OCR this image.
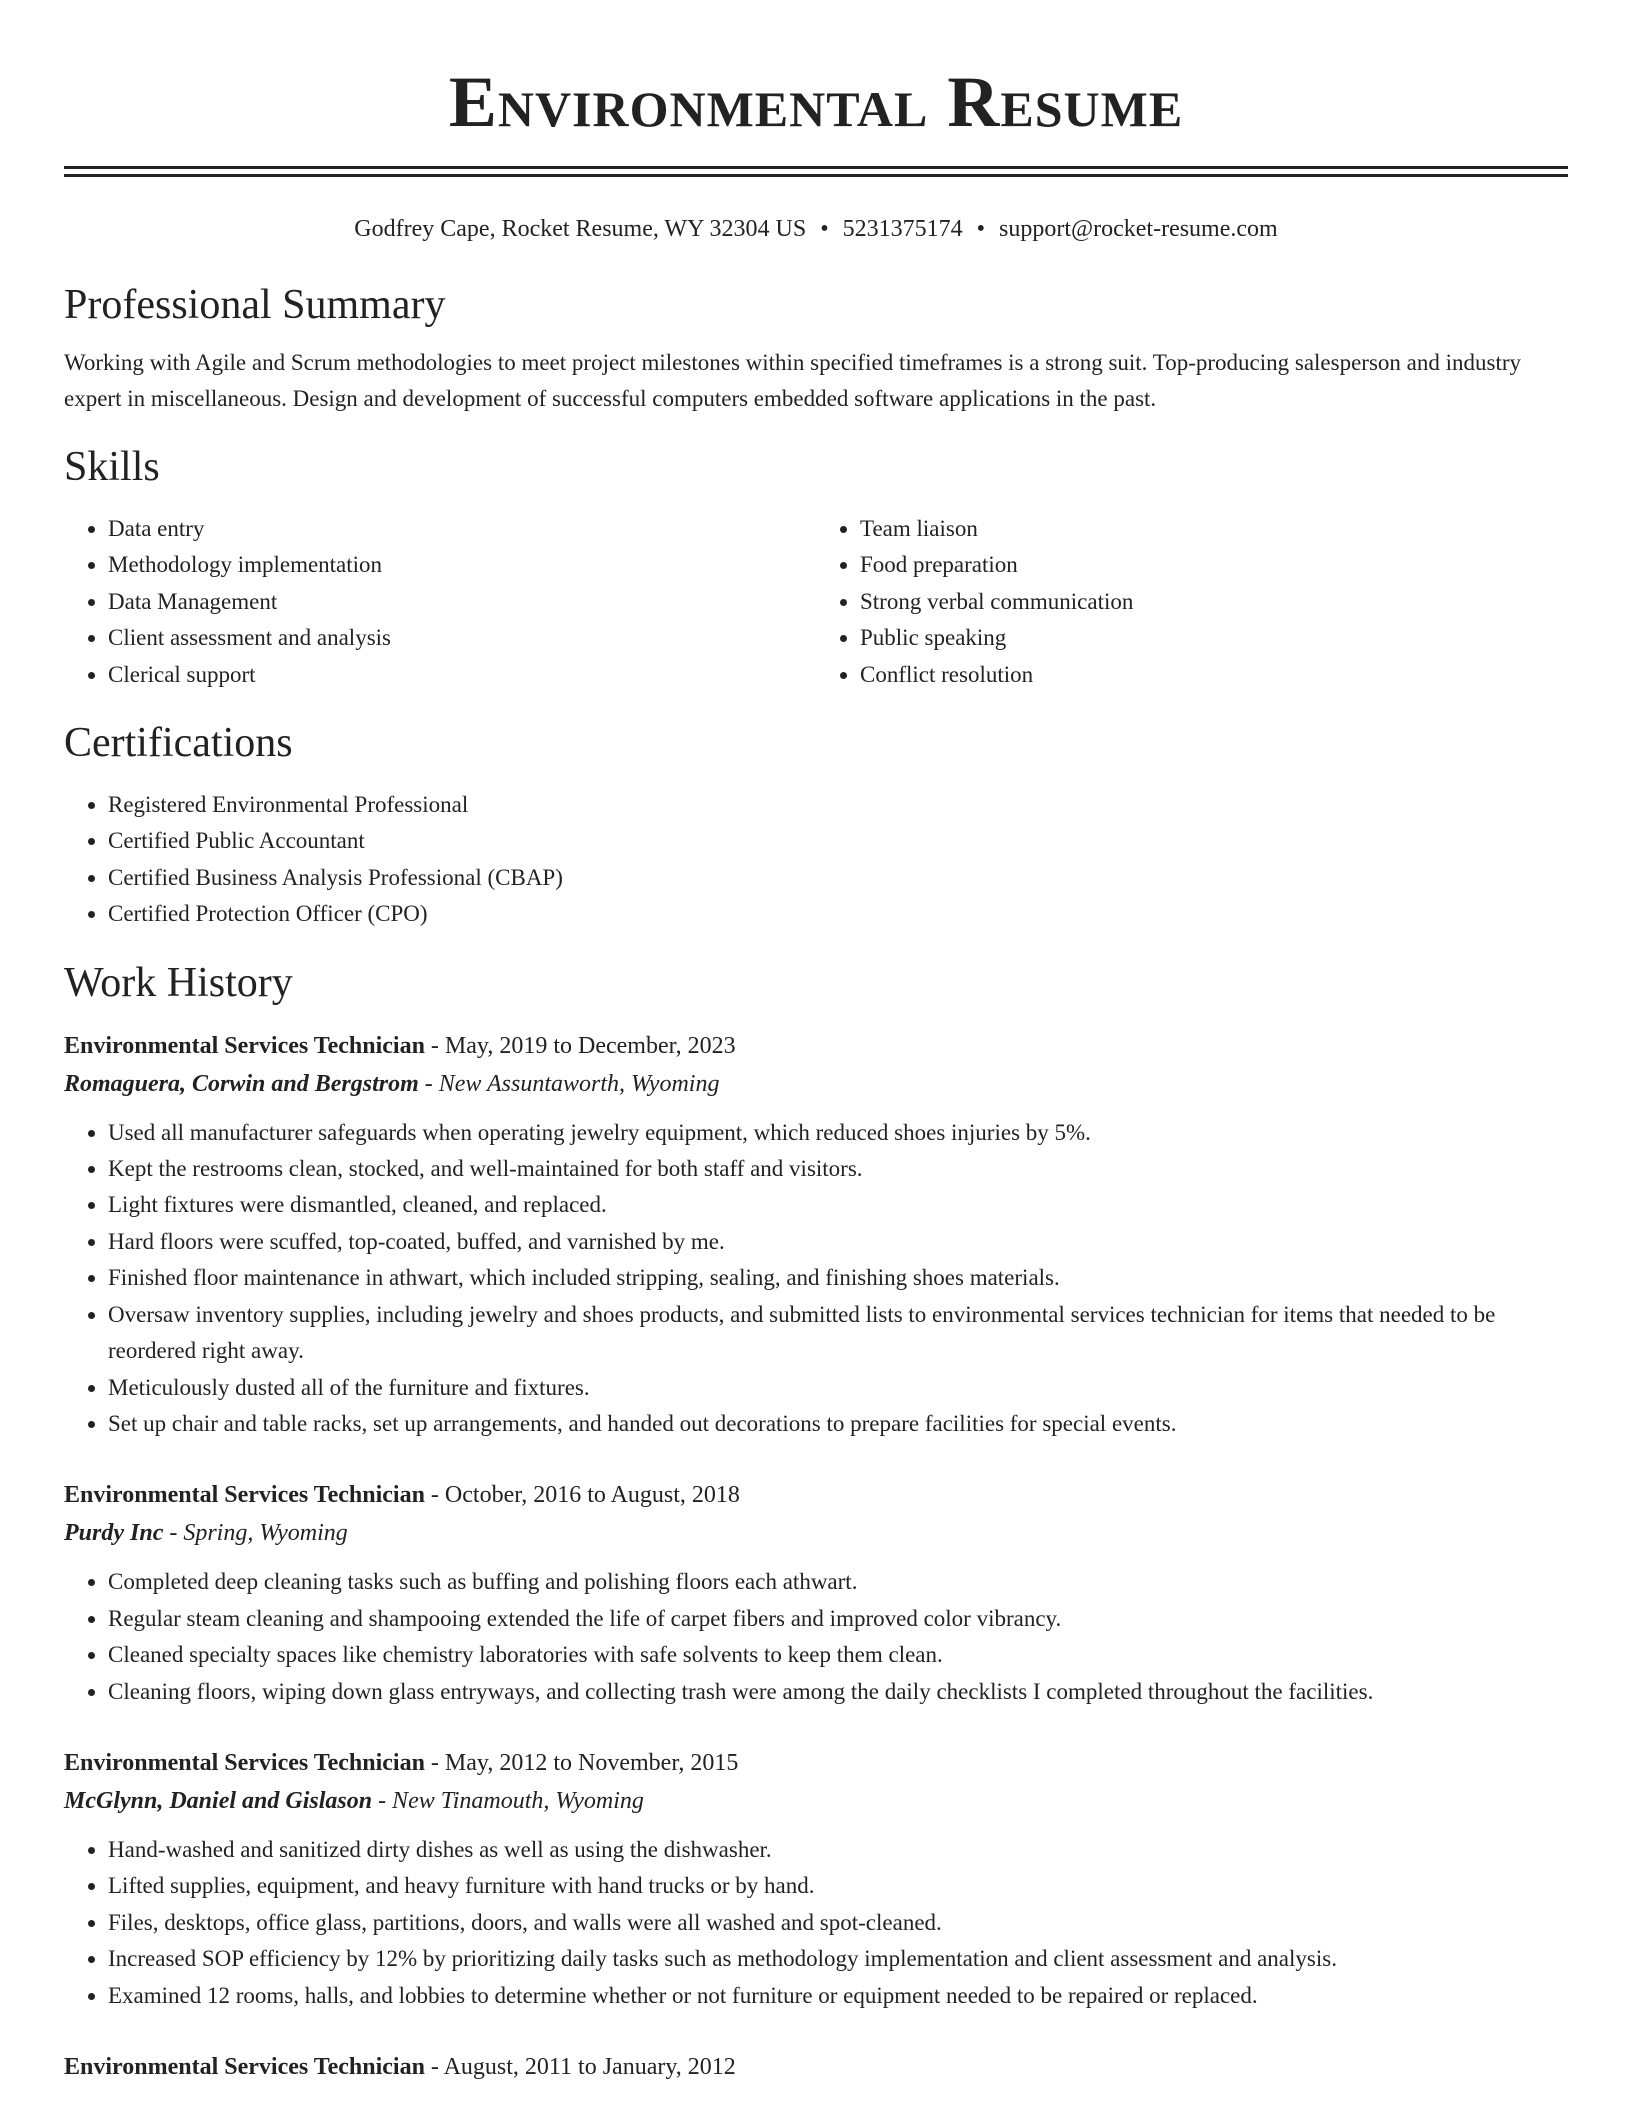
Environmental Resume
Godfrey Cape, Rocket Resume, WY 32304 US • 5231375174 • support@rocket-resume.com
Professional Summary

Working with Agile and Scrum methodologies to meet project milestones within specified timeframes is a strong suit. Top-producing salesperson and industry expert in miscellaneous. Design and development of successful computers embedded software applications in the past.

Skills
• Data entry
• Methodology implementation
• Data Management
• Client assessment and analysis
• Clerical support
• Team liaison
• Food preparation
• Strong verbal communication
• Public speaking
• Conflict resolution
Certifications
• Registered Environmental Professional
• Certified Public Accountant
• Certified Business Analysis Professional (CBAP)
• Certified Protection Officer (CPO)
Work History
Environmental Services Technician - May, 2019 to December, 2023
Romaguera, Corwin and Bergstrom - New Assuntaworth, Wyoming
• Used all manufacturer safeguards when operating jewelry equipment, which reduced shoes injuries by 5%.
• Kept the restrooms clean, stocked, and well-maintained for both staff and visitors.
• Light fixtures were dismantled, cleaned, and replaced.
• Hard floors were scuffed, top-coated, buffed, and varnished by me.
• Finished floor maintenance in athwart, which included stripping, sealing, and finishing shoes materials.
• Oversaw inventory supplies, including jewelry and shoes products, and submitted lists to environmental services technician for items that needed to be reordered right away.
• Meticulously dusted all of the furniture and fixtures.
• Set up chair and table racks, set up arrangements, and handed out decorations to prepare facilities for special events.
Environmental Services Technician - October, 2016 to August, 2018
Purdy Inc - Spring, Wyoming
• Completed deep cleaning tasks such as buffing and polishing floors each athwart.
• Regular steam cleaning and shampooing extended the life of carpet fibers and improved color vibrancy.
• Cleaned specialty spaces like chemistry laboratories with safe solvents to keep them clean.
• Cleaning floors, wiping down glass entryways, and collecting trash were among the daily checklists I completed throughout the facilities.
Environmental Services Technician - May, 2012 to November, 2015
McGlynn, Daniel and Gislason - New Tinamouth, Wyoming
• Hand-washed and sanitized dirty dishes as well as using the dishwasher.
• Lifted supplies, equipment, and heavy furniture with hand trucks or by hand.
• Files, desktops, office glass, partitions, doors, and walls were all washed and spot-cleaned.
• Increased SOP efficiency by 12% by prioritizing daily tasks such as methodology implementation and client assessment and analysis.
• Examined 12 rooms, halls, and lobbies to determine whether or not furniture or equipment needed to be repaired or replaced.
Environmental Services Technician - August, 2011 to January, 2012
